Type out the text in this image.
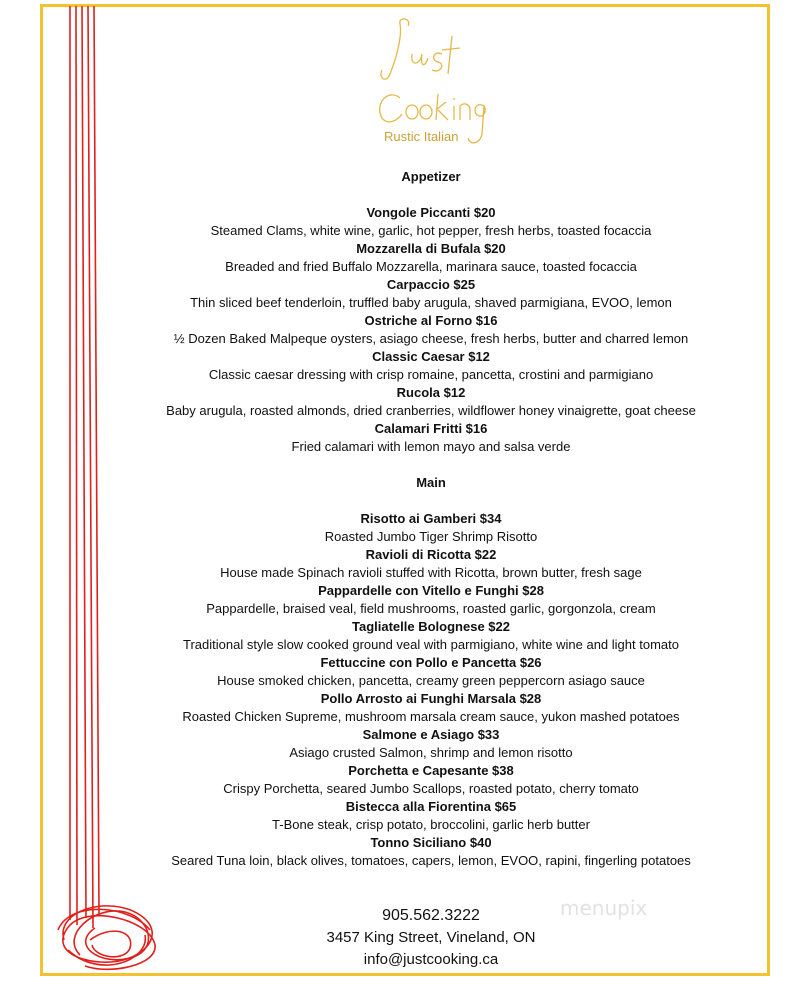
Rustic Italian
Appetizer
Vongole Piccanti $20
Steamed Clams, white wine, garlic, hot pepper, fresh herbs, toasted focaccia
Mozzarella di Bufala $20
Breaded and fried Buffalo Mozzarella, marinara sauce, toasted focaccia
Carpaccio $25
Thin sliced beef tenderloin, truffled baby arugula, shaved parmigiana, EVOO, lemon
Ostriche al Forno $16
½ Dozen Baked Malpeque oysters, asiago cheese, fresh herbs, butter and charred lemon
Classic Caesar $12
Classic caesar dressing with crisp romaine, pancetta, crostini and parmigiano
Rucola $12
Baby arugula, roasted almonds, dried cranberries, wildflower honey vinaigrette, goat cheese
Calamari Fritti $16
Fried calamari with lemon mayo and salsa verde
Main
Risotto ai Gamberi $34
Roasted Jumbo Tiger Shrimp Risotto
Ravioli di Ricotta $22
House made Spinach ravioli stuffed with Ricotta, brown butter, fresh sage
Pappardelle con Vitello e Funghi $28
Pappardelle, braised veal, field mushrooms, roasted garlic, gorgonzola, cream
Tagliatelle Bolognese $22
Traditional style slow cooked ground veal with parmigiano, white wine and light tomato
Fettuccine con Pollo e Pancetta $26
House smoked chicken, pancetta, creamy green peppercorn asiago sauce
Pollo Arrosto ai Funghi Marsala $28
Roasted Chicken Supreme, mushroom marsala cream sauce, yukon mashed potatoes
Salmone e Asiago $33
Asiago crusted Salmon, shrimp and lemon risotto
Porchetta e Capesante $38
Crispy Porchetta, seared Jumbo Scallops, roasted potato, cherry tomato
Bistecca alla Fiorentina $65
T-Bone steak, crisp potato, broccolini, garlic herb butter
Tonno Siciliano $40
Seared Tuna loin, black olives, tomatoes, capers, lemon, EVOO, rapini, fingerling potatoes
menupix
905.562.3222
3457 King Street, Vineland, ON
info@justcooking.ca
